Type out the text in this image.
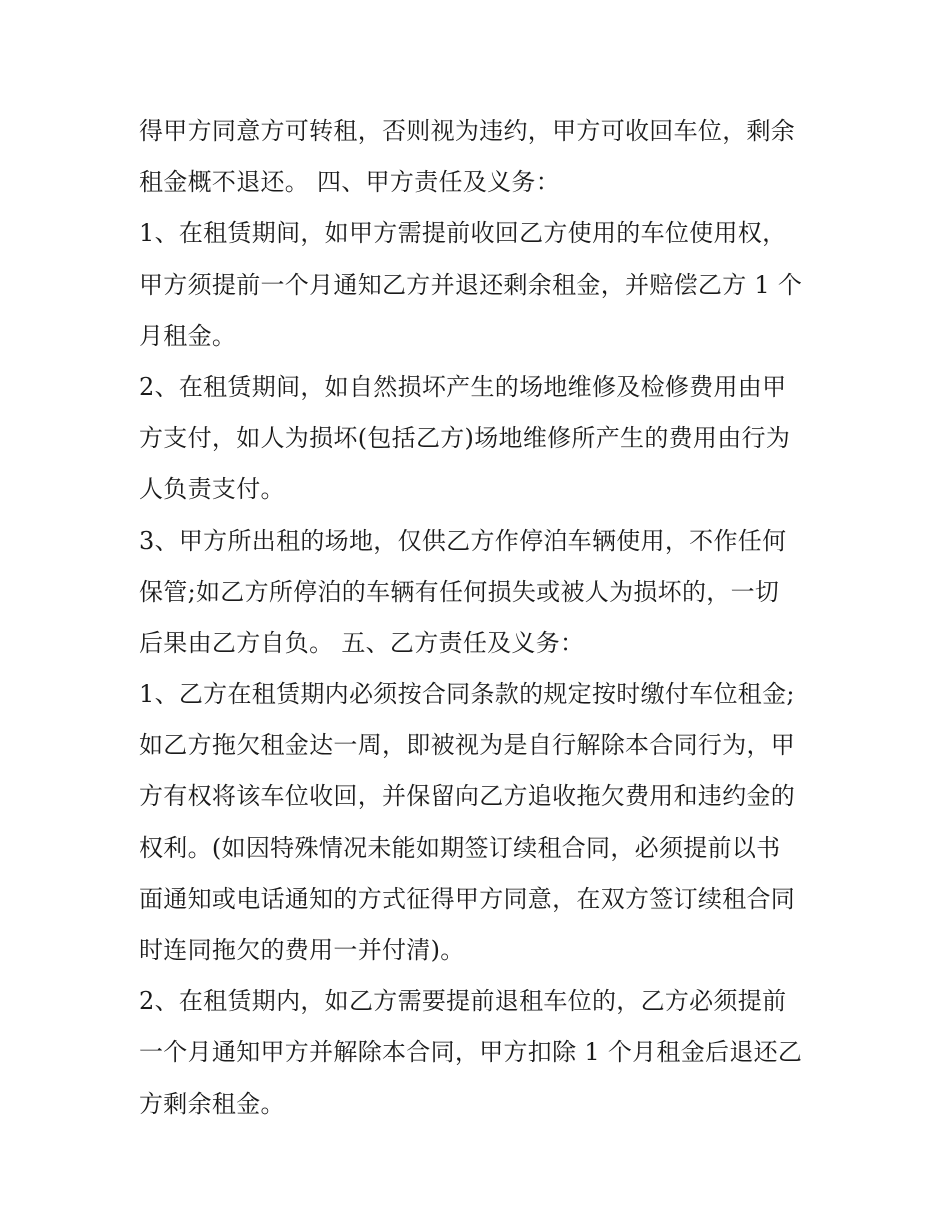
得甲方同意方可转租，否则视为违约，甲方可收回车位，剩余
租金概不退还。 四、甲方责任及义务：
1、在租赁期间，如甲方需提前收回乙方使用的车位使用权，
甲方须提前一个月通知乙方并退还剩余租金，并赔偿乙方 1 个
月租金。
2、在租赁期间，如自然损坏产生的场地维修及检修费用由甲
方支付，如人为损坏(包括乙方)场地维修所产生的费用由行为
人负责支付。
3、甲方所出租的场地，仅供乙方作停泊车辆使用，不作任何
保管;如乙方所停泊的车辆有任何损失或被人为损坏的，一切
后果由乙方自负。 五、乙方责任及义务：
1、乙方在租赁期内必须按合同条款的规定按时缴付车位租金;
如乙方拖欠租金达一周，即被视为是自行解除本合同行为，甲
方有权将该车位收回，并保留向乙方追收拖欠费用和违约金的
权利。(如因特殊情况未能如期签订续租合同，必须提前以书
面通知或电话通知的方式征得甲方同意，在双方签订续租合同
时连同拖欠的费用一并付清)。
2、在租赁期内，如乙方需要提前退租车位的，乙方必须提前
一个月通知甲方并解除本合同，甲方扣除 1 个月租金后退还乙
方剩余租金。
